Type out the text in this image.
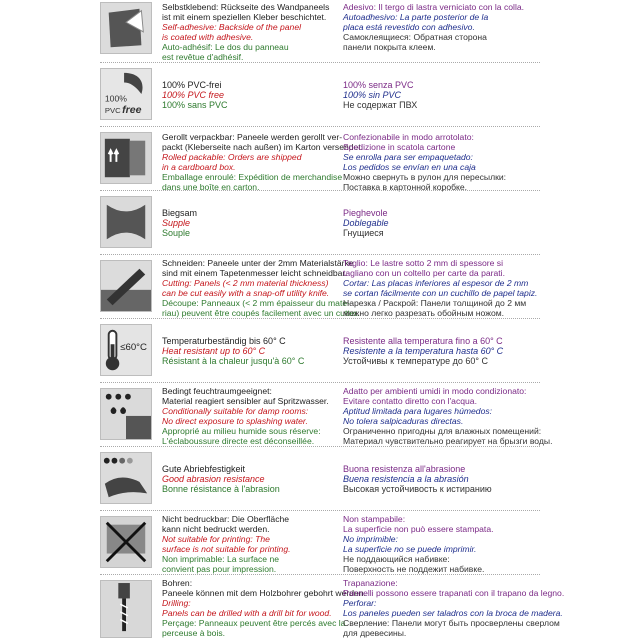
Selbstklebend: Rückseite des Wandpaneels
ist mit einem speziellen Kleber beschichtet.
Self-adhesive: Backside of the panel
is coated with adhesive.
Auto-adhésif: Le dos du panneau
est revêtue d'adhésif.
Adesivo: Il tergo di lastra verniciato con la colla.
Autoadhesivo: La parte posterior de la
placa está revestido con adhesivo.
Самоклеящиеся: Обратная сторона
панели покрыта клеем.
100%
PVC free
100% PVC-frei
100% PVC free
100% sans PVC
100% senza PVC
100% sin PVC
Не содержат ПВХ
Gerollt verpackbar: Paneele werden gerollt ver-
packt (Kleberseite nach außen) im Karton versendet.
Rolled packable: Orders are shipped
in a cardboard box.
Emballage enroulé: Expédition de merchandise
dans une boîte en carton.
Confezionabile in modo arrotolato:
Spedizione in scatola cartone
Se enrolla para ser empaquetado:
Los pedidos se envían en una caja
Можно свернуть в рулон для пересылки:
Поставка в картонной коробке.
Biegsam
Supple
Souple
Pieghevole
Doblegable
Гнущиеся
Schneiden: Paneele unter der 2mm Materialstärke
sind mit einem Tapetenmesser leicht schneidbar.
Cutting: Panels (< 2 mm material thickness)
can be cut easily with a snap-off utility knife.
Découpe: Panneaux (< 2 mm épaisseur du mate-
riau) peuvent être coupés facilement avec un cutter.
Taglio: Le lastre sotto 2 mm di spessore si
tagliano con un coltello per carte da parati.
Cortar: Las placas inferiores al espesor de 2 mm
se cortan fácilmente con un cuchillo de papel tapiz.
Нарезка / Раскрой: Панели толщиной до 2 мм
можно легко разрезать обойным ножом.
≤60°C
Temperaturbeständig bis 60° C
Heat resistant up to 60° C
Résistant à la chaleur jusqu'à 60° C
Resistente alla temperatura fino a 60° C
Resistente a la temperatura hasta 60° C
Устойчивы к температуре до 60° C
Bedingt feuchtraumgeeignet:
Material reagiert sensibler auf Spritzwasser.
Conditionally suitable for damp rooms:
No direct exposure to splashing water.
Approprié au milieu humide sous réserve:
L'éclaboussure directe est déconseillée.
Adatto per ambienti umidi in modo condizionato:
Evitare contatto diretto con l'acqua.
Aptitud limitada para lugares húmedos:
No tolera salpicaduras directas.
Ограниченно пригодны для влажных помещений:
Материал чувствительно реагирует на брызги воды.
Gute Abriebfestigkeit
Good abrasion resistance
Bonne résistance à l'abrasion
Buona resistenza all'abrasione
Buena resistencia a la abrasión
Высокая устойчивость к истиранию
Nicht bedruckbar: Die Oberfläche
kann nicht bedruckt werden.
Not suitable for printing: The
surface is not suitable for printing.
Non imprimable: La surface ne
convient pas pour impression.
Non stampabile:
La superficie non può essere stampata.
No imprimible:
La superficie no se puede imprimir.
Не поддающийся набивке:
Поверхность не поддежит набивке.
Bohren:
Paneele können mit dem Holzbohrer gebohrt werden.
Drilling:
Panels can be drilled with a drill bit for wood.
Perçage: Panneaux peuvent être percés avec la
perceuse à bois.
Trapanazione:
Pannelli possono essere trapanati con il trapano da legno.
Perforar:
Los paneles pueden ser taladros con la broca de madera.
Сверление: Панели могут быть просверлены сверлом
для древесины.
